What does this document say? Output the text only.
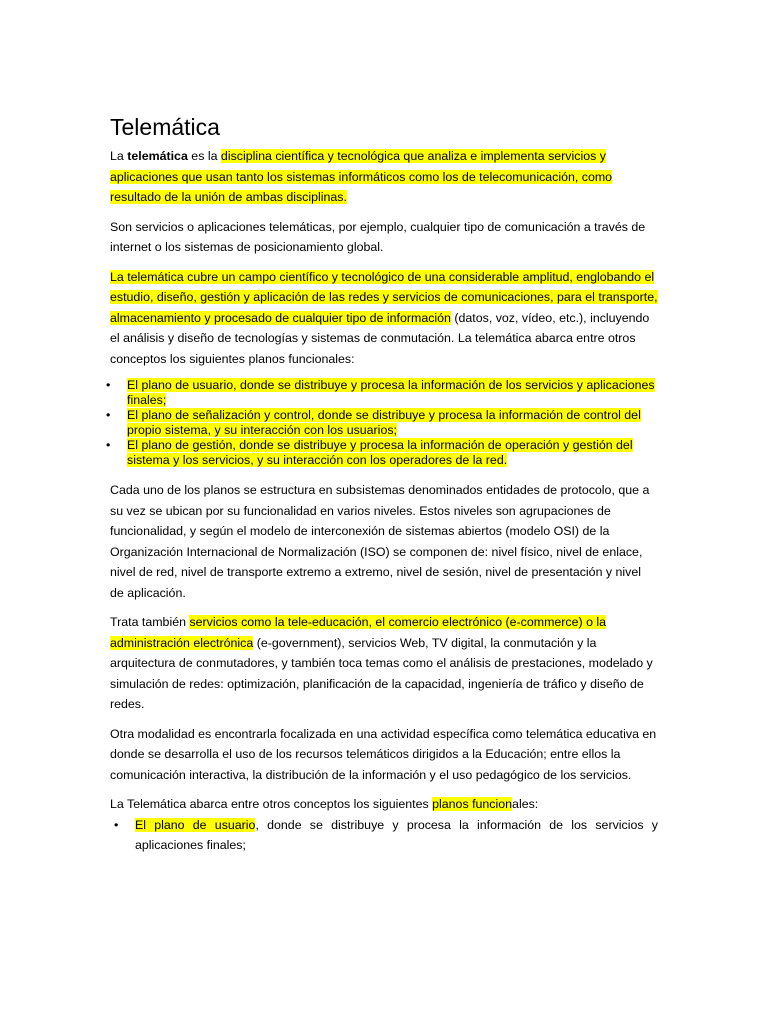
Telemática

La telemática es la disciplina científica y tecnológica que analiza e implementa servicios y aplicaciones que usan tanto los sistemas informáticos como los de telecomunicación, como resultado de la unión de ambas disciplinas.

Son servicios o aplicaciones telemáticas, por ejemplo, cualquier tipo de comunicación a través de internet o los sistemas de posicionamiento global.

La telemática cubre un campo científico y tecnológico de una considerable amplitud, englobando el estudio, diseño, gestión y aplicación de las redes y servicios de comunicaciones, para el transporte, almacenamiento y procesado de cualquier tipo de información (datos, voz, vídeo, etc.), incluyendo el análisis y diseño de tecnologías y sistemas de conmutación. La telemática abarca entre otros conceptos los siguientes planos funcionales:

•	El plano de usuario, donde se distribuye y procesa la información de los servicios y aplicaciones finales;
•	El plano de señalización y control, donde se distribuye y procesa la información de control del propio sistema, y su interacción con los usuarios;
•	El plano de gestión, donde se distribuye y procesa la información de operación y gestión del sistema y los servicios, y su interacción con los operadores de la red.

Cada uno de los planos se estructura en subsistemas denominados entidades de protocolo, que a su vez se ubican por su funcionalidad en varios niveles. Estos niveles son agrupaciones de funcionalidad, y según el modelo de interconexión de sistemas abiertos (modelo OSI) de la Organización Internacional de Normalización (ISO) se componen de: nivel físico, nivel de enlace, nivel de red, nivel de transporte extremo a extremo, nivel de sesión, nivel de presentación y nivel de aplicación.

Trata también servicios como la tele-educación, el comercio electrónico (e-commerce) o la administración electrónica (e-government), servicios Web, TV digital, la conmutación y la arquitectura de conmutadores, y también toca temas como el análisis de prestaciones, modelado y simulación de redes: optimización, planificación de la capacidad, ingeniería de tráfico y diseño de redes.

Otra modalidad es encontrarla focalizada en una actividad específica como telemática educativa en donde se desarrolla el uso de los recursos telemáticos dirigidos a la Educación; entre ellos la comunicación interactiva, la distribución de la información y el uso pedagógico de los servicios.

La Telemática abarca entre otros conceptos los siguientes planos funcionales:

• El plano de usuario, donde se distribuye y procesa la información de los servicios y aplicaciones finales;
